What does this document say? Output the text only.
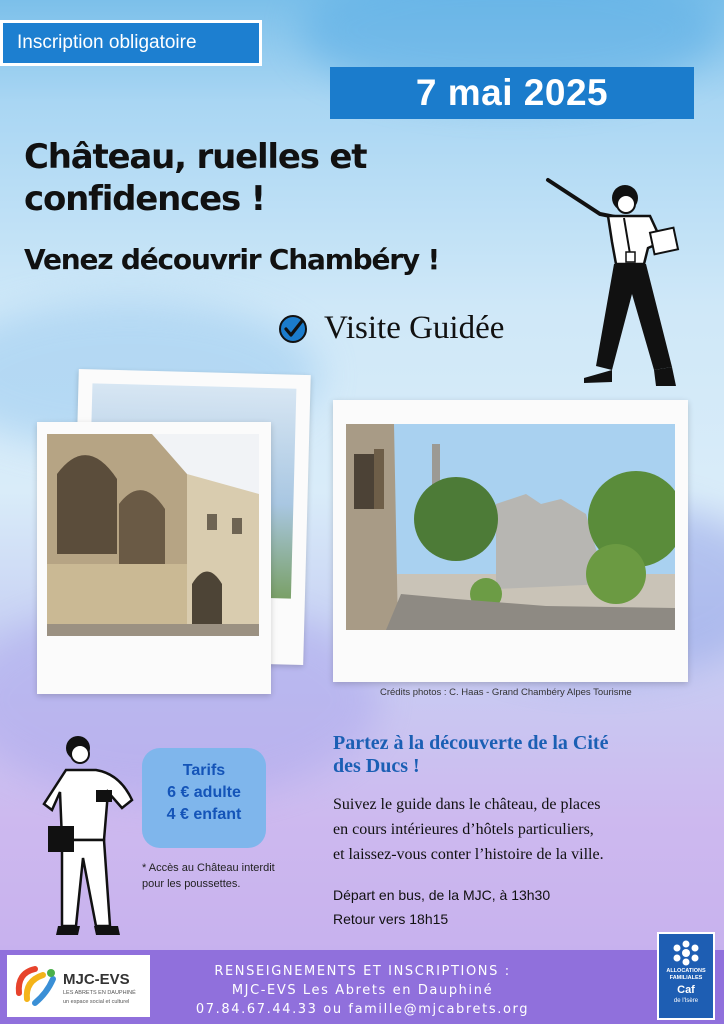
Inscription obligatoire
7 mai 2025
Château, ruelles et
confidences !
Venez découvrir Chambéry !
Visite Guidée
Crédits photos : C. Haas - Grand Chambéry Alpes Tourisme
Tarifs
6 € adulte
4 € enfant
* Accès au Château interdit
pour les poussettes.
Partez à la découverte de la Cité
des Ducs !
Suivez le guide dans le château, de places
en cours intérieures d’hôtels particuliers,
et laissez-vous conter l’histoire de la ville.
Départ en bus, de la MJC, à 13h30
Retour vers 18h15
MJC-EVS
LES ABRETS EN DAUPHINÉ
un espace social et culturel
RENSEIGNEMENTS ET INSCRIPTIONS :
MJC-EVS Les Abrets en Dauphiné
07.84.67.44.33 ou famille@mjcabrets.org
ALLOCATIONS
FAMILIALES
Caf
de l'Isère
